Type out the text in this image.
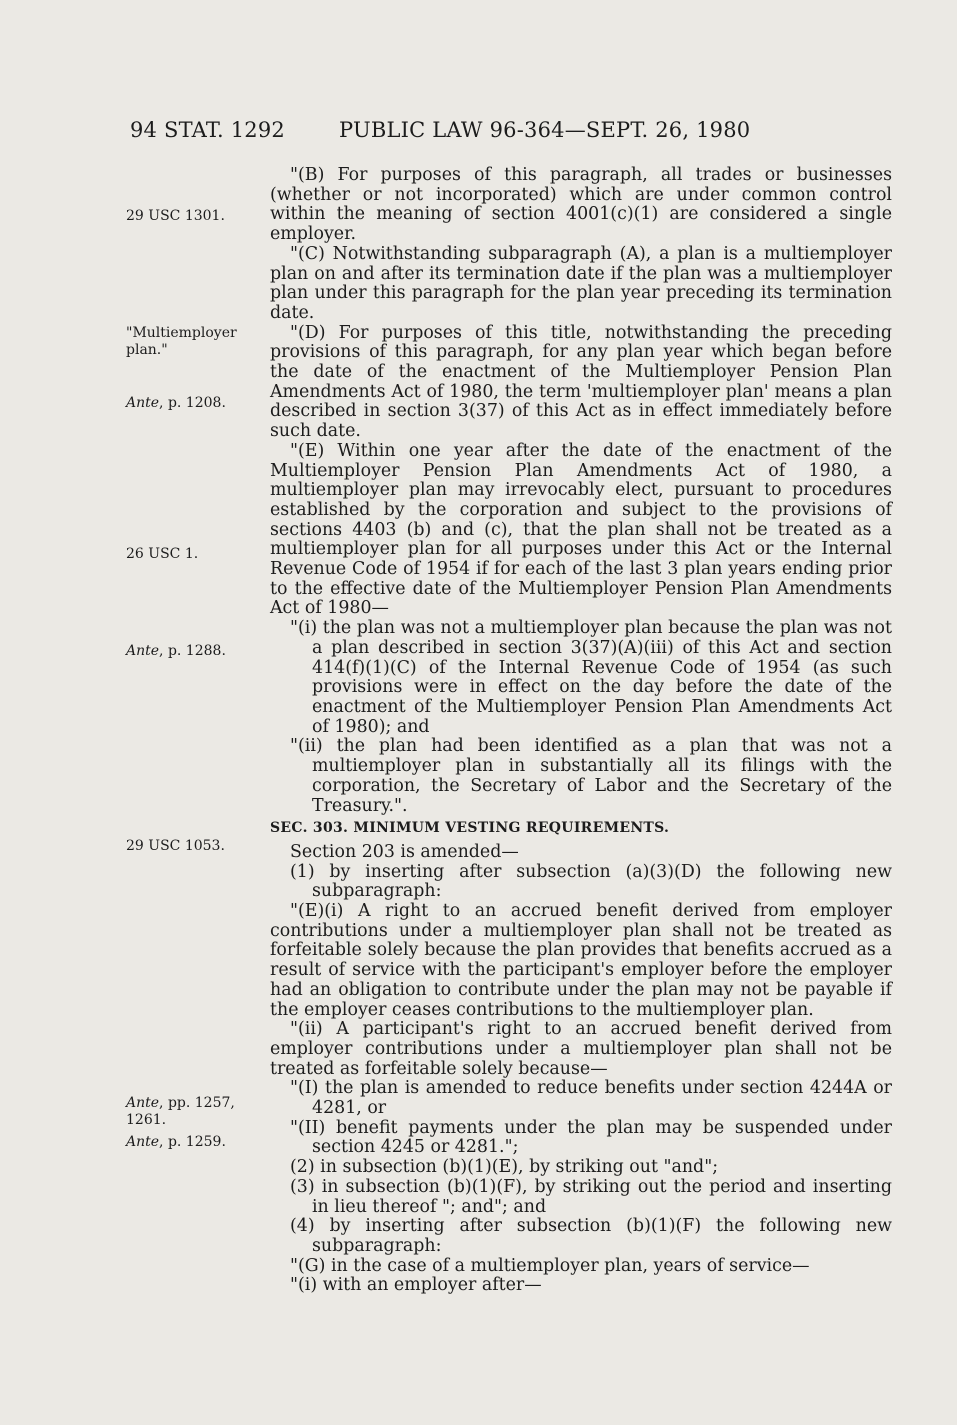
94 STAT. 1292	PUBLIC LAW 96-364—SEPT. 26, 1980
29 USC 1301.
"Multiemployer plan."
Ante, p. 1208.
26 USC 1.
Ante, p. 1288.
29 USC 1053.
Ante, pp. 1257, 1261.
Ante, p. 1259.

"(B) For purposes of this paragraph, all trades or businesses (whether or not incorporated) which are under common control within the meaning of section 4001(c)(1) are considered a single employer.

"(C) Notwithstanding subparagraph (A), a plan is a multiemployer plan on and after its termination date if the plan was a multiemployer plan under this paragraph for the plan year preceding its termination date.

"(D) For purposes of this title, notwithstanding the preceding provisions of this paragraph, for any plan year which began before the date of the enactment of the Multiemployer Pension Plan Amendments Act of 1980, the term 'multiemployer plan' means a plan described in section 3(37) of this Act as in effect immediately before such date.

"(E) Within one year after the date of the enactment of the Multiemployer Pension Plan Amendments Act of 1980, a multiemployer plan may irrevocably elect, pursuant to procedures established by the corporation and subject to the provisions of sections 4403 (b) and (c), that the plan shall not be treated as a multiemployer plan for all purposes under this Act or the Internal Revenue Code of 1954 if for each of the last 3 plan years ending prior to the effective date of the Multiemployer Pension Plan Amendments Act of 1980—

"(i) the plan was not a multiemployer plan because the plan was not a plan described in section 3(37)(A)(iii) of this Act and section 414(f)(1)(C) of the Internal Revenue Code of 1954 (as such provisions were in effect on the day before the date of the enactment of the Multiemployer Pension Plan Amendments Act of 1980); and

"(ii) the plan had been identified as a plan that was not a multiemployer plan in substantially all its filings with the corporation, the Secretary of Labor and the Secretary of the Treasury.".

SEC. 303. MINIMUM VESTING REQUIREMENTS.

Section 203 is amended—

(1) by inserting after subsection (a)(3)(D) the following new subparagraph:

"(E)(i) A right to an accrued benefit derived from employer contributions under a multiemployer plan shall not be treated as forfeitable solely because the plan provides that benefits accrued as a result of service with the participant's employer before the employer had an obligation to contribute under the plan may not be payable if the employer ceases contributions to the multiemployer plan.

"(ii) A participant's right to an accrued benefit derived from employer contributions under a multiemployer plan shall not be treated as forfeitable solely because—

"(I) the plan is amended to reduce benefits under section 4244A or 4281, or

"(II) benefit payments under the plan may be suspended under section 4245 or 4281.";

(2) in subsection (b)(1)(E), by striking out "and";

(3) in subsection (b)(1)(F), by striking out the period and inserting in lieu thereof "; and"; and

(4) by inserting after subsection (b)(1)(F) the following new subparagraph:

"(G) in the case of a multiemployer plan, years of service—

"(i) with an employer after—
